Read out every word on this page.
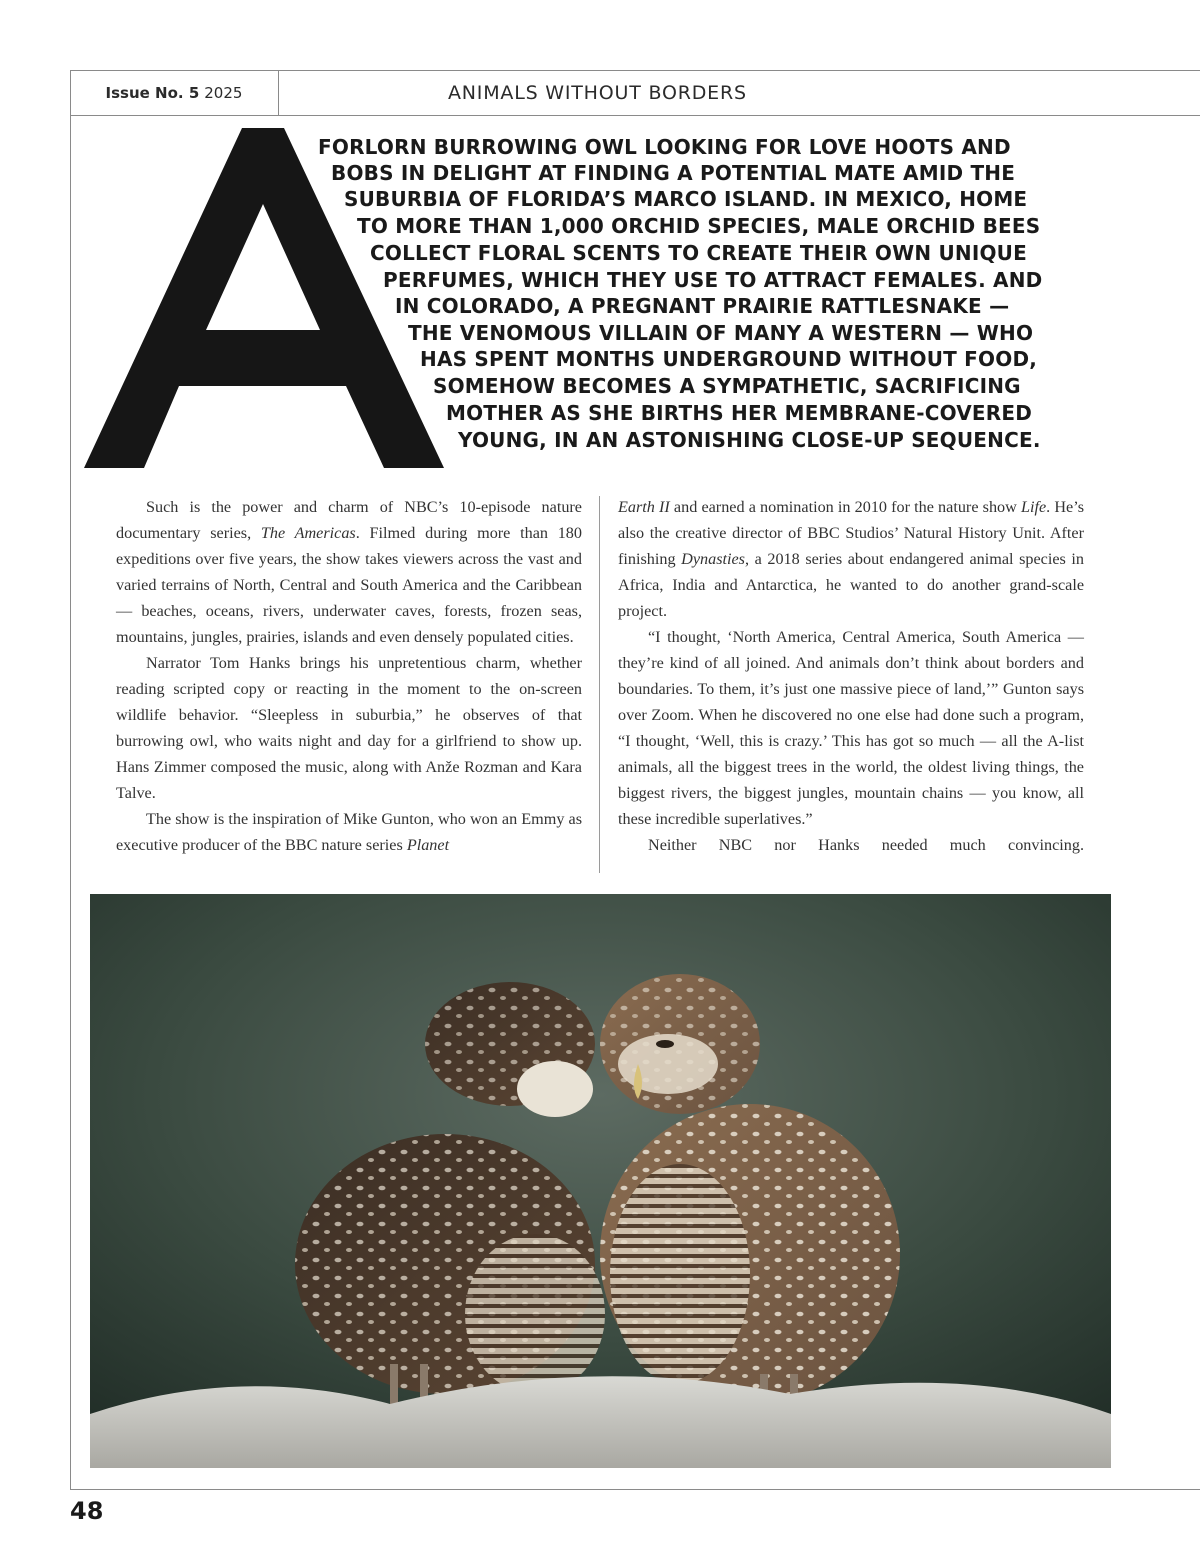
Issue No. 5 2025	ANIMALS WITHOUT BORDERS
FORLORN BURROWING OWL LOOKING FOR LOVE HOOTS AND
BOBS IN DELIGHT AT FINDING A POTENTIAL MATE AMID THE
SUBURBIA OF FLORIDA’S MARCO ISLAND. IN MEXICO, HOME
TO MORE THAN 1,000 ORCHID SPECIES, MALE ORCHID BEES
COLLECT FLORAL SCENTS TO CREATE THEIR OWN UNIQUE
PERFUMES, WHICH THEY USE TO ATTRACT FEMALES. AND
IN COLORADO, A PREGNANT PRAIRIE RATTLESNAKE —
THE VENOMOUS VILLAIN OF MANY A WESTERN — WHO
HAS SPENT MONTHS UNDERGROUND WITHOUT FOOD,
SOMEHOW BECOMES A SYMPATHETIC, SACRIFICING
MOTHER AS SHE BIRTHS HER MEMBRANE-COVERED
YOUNG, IN AN ASTONISHING CLOSE-UP SEQUENCE.

Such is the power and charm of NBC’s 10-episode nature documentary series, The Americas. Filmed during more than 180 expeditions over five years, the show takes viewers across the vast and varied terrains of North, Central and South America and the Caribbean — beaches, oceans, rivers, underwater caves, forests, frozen seas, mountains, jungles, prairies, islands and even densely populated cities.

Narrator Tom Hanks brings his unpretentious charm, whether reading scripted copy or reacting in the moment to the on-screen wildlife behavior. “Sleepless in suburbia,” he observes of that burrowing owl, who waits night and day for a girlfriend to show up. Hans Zimmer composed the music, along with Anže Rozman and Kara Talve.

The show is the inspiration of Mike Gunton, who won an Emmy as executive producer of the BBC nature series Planet

Earth II and earned a nomination in 2010 for the nature show Life. He’s also the creative director of BBC Studios’ Natural History Unit. After finishing Dynasties, a 2018 series about endangered animal species in Africa, India and Antarctica, he wanted to do another grand-scale project.

“I thought, ‘North America, Central America, South America — they’re kind of all joined. And animals don’t think about borders and boundaries. To them, it’s just one massive piece of land,’” Gunton says over Zoom. When he discovered no one else had done such a program, “I thought, ‘Well, this is crazy.’ This has got so much — all the A-list animals, all the biggest trees in the world, the oldest living things, the biggest rivers, the biggest jungles, mountain chains — you know, all these incredible superlatives.”

Neither NBC nor Hanks needed much convincing.

48
